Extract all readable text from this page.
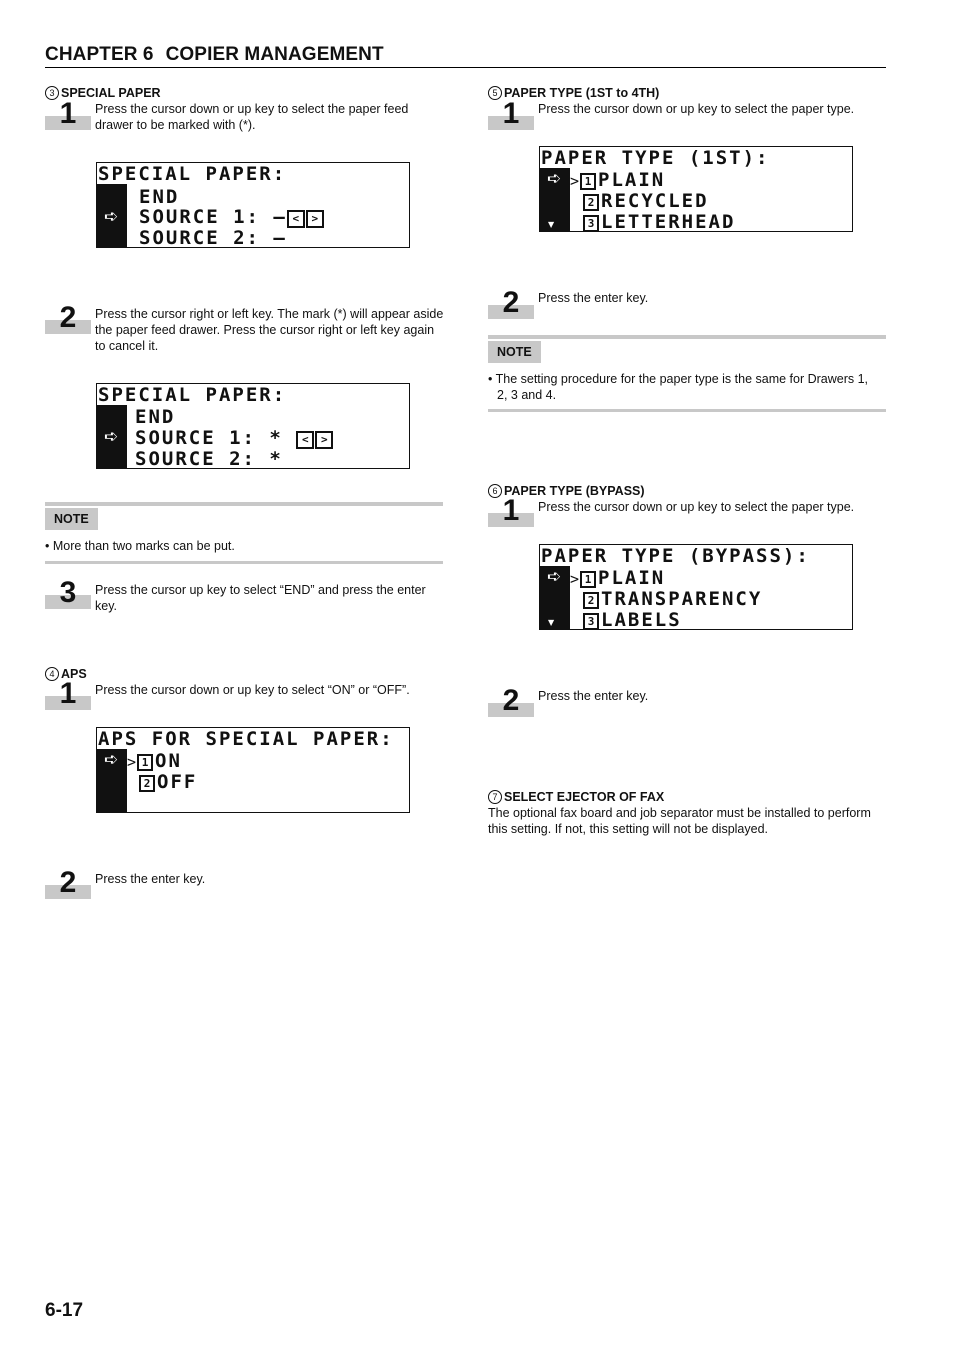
CHAPTER 6 COPIER MANAGEMENT
3 SPECIAL PAPER
1	Press the cursor down or up key to select the paper feed drawer to be marked with (*).
SPECIAL PAPER:
END
➪ SOURCE 1: – < >
SOURCE 2: –
2	Press the cursor right or left key. The mark (*) will appear aside the paper feed drawer. Press the cursor right or left key again to cancel it.
SPECIAL PAPER:
END
➪ SOURCE 1: * < >
SOURCE 2: *
NOTE
• More than two marks can be put.
3	Press the cursor up key to select “END” and press the enter key.
4 APS
1	Press the cursor down or up key to select “ON” or “OFF”.
APS FOR SPECIAL PAPER:
➪ > 1 ON
2 OFF
2	Press the enter key.
5 PAPER TYPE (1ST to 4TH)
1	Press the cursor down or up key to select the paper type.
PAPER TYPE (1ST):
➪ > 1 PLAIN
2 RECYCLED
3 LETTERHEAD
▼
2	Press the enter key.
NOTE
• The setting procedure for the paper type is the same for Drawers 1,
2, 3 and 4.
6 PAPER TYPE (BYPASS)
1	Press the cursor down or up key to select the paper type.
PAPER TYPE (BYPASS):
➪ > 1 PLAIN
2 TRANSPARENCY
3 LABELS
▼
2	Press the enter key.
7 SELECT EJECTOR OF FAX
The optional fax board and job separator must be installed to perform this setting. If not, this setting will not be displayed.
6-17
